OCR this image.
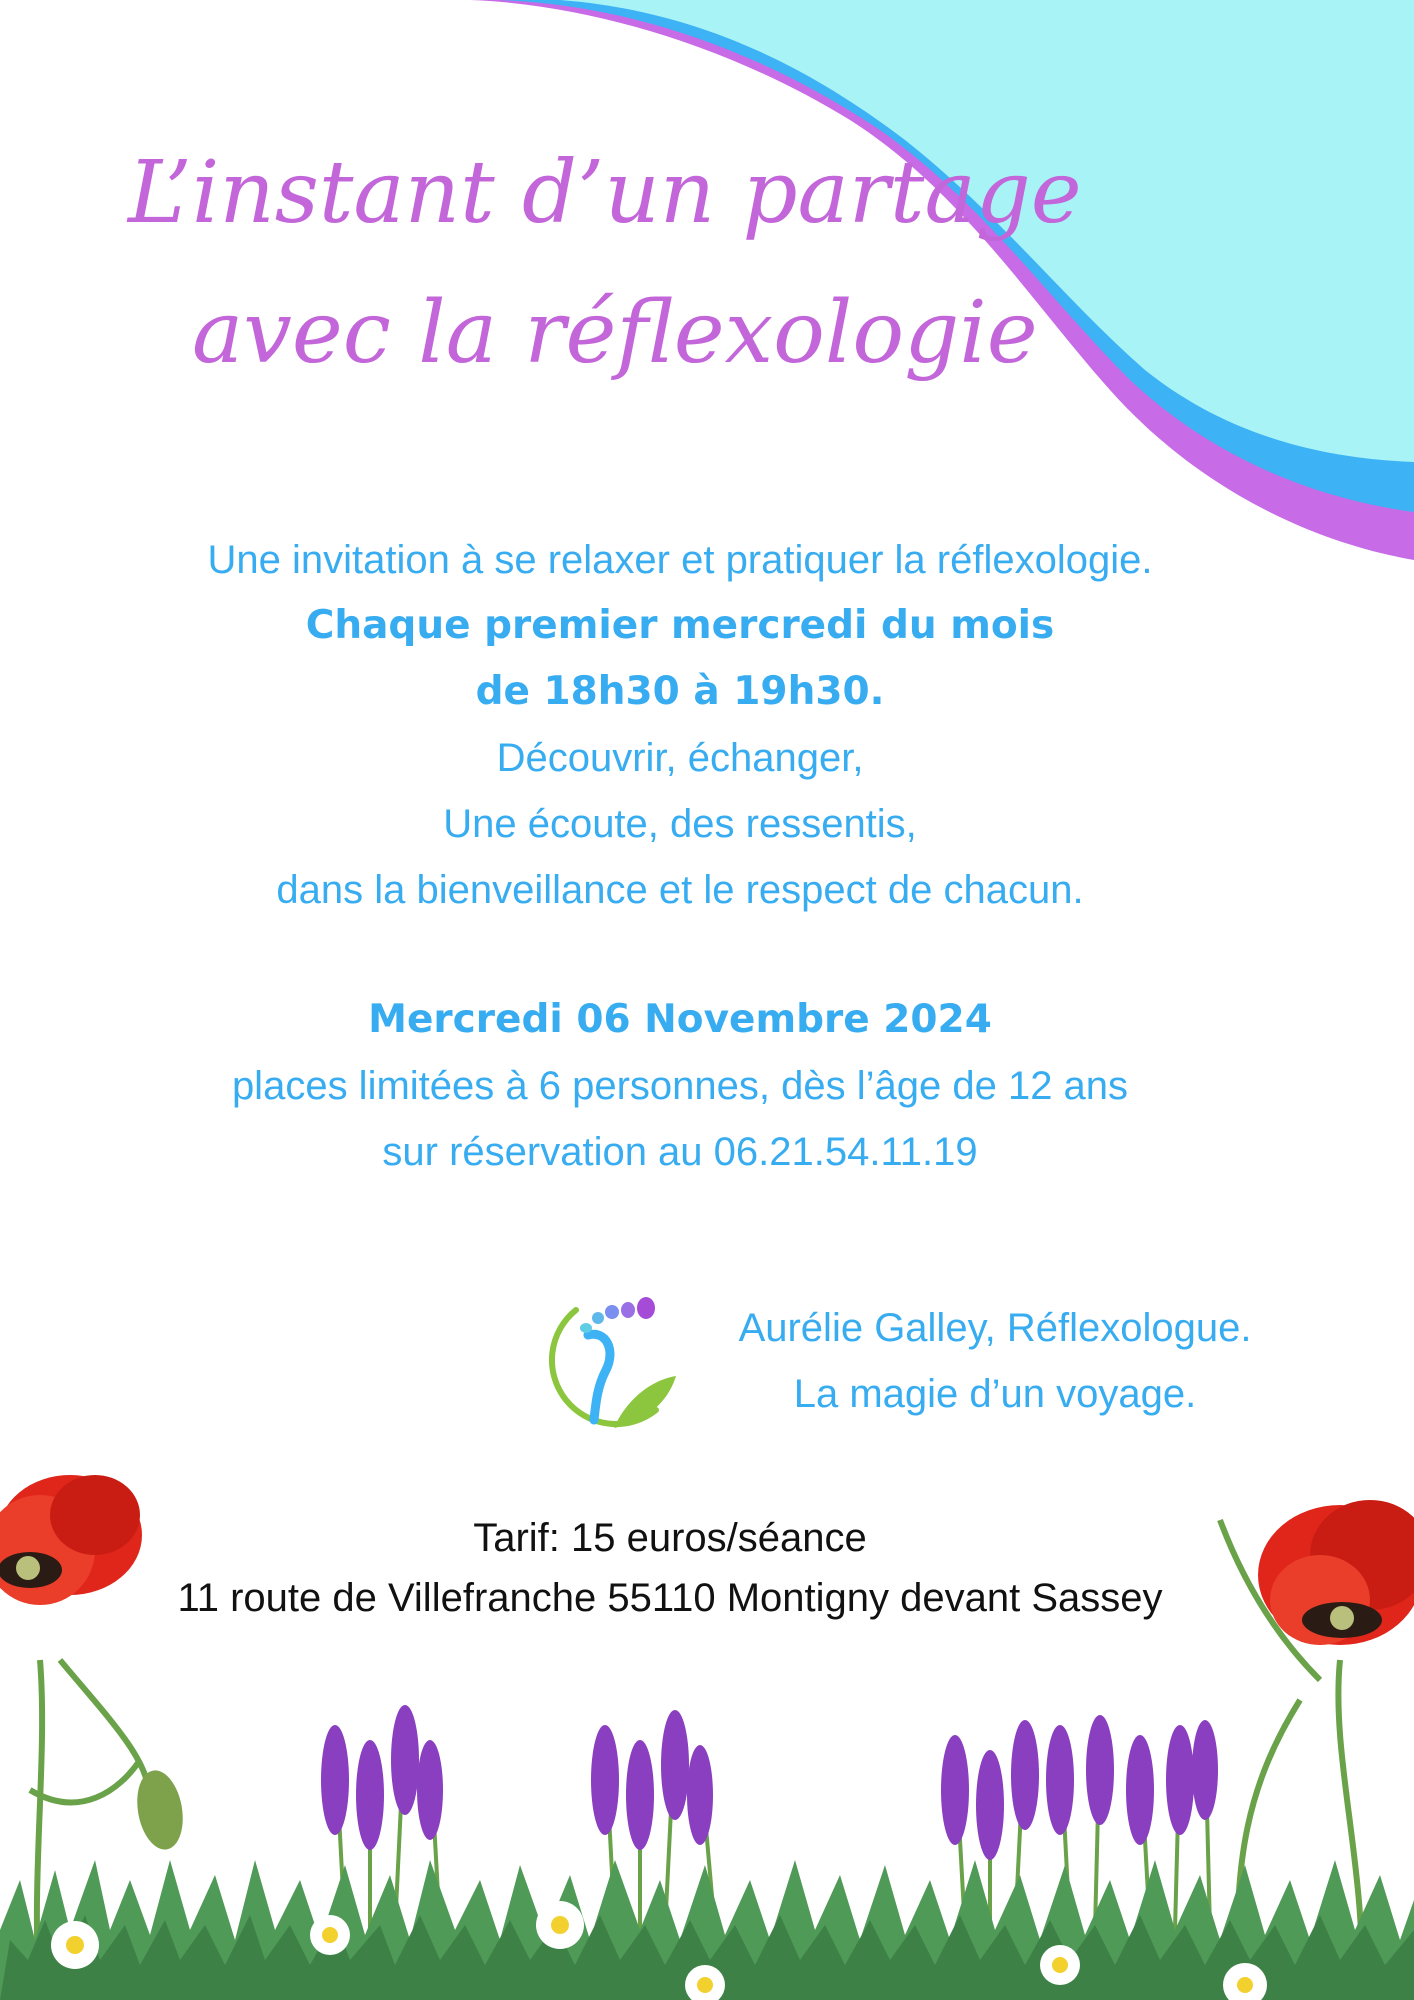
L’instant d’un partage
avec la réflexologie
Une invitation à se relaxer et pratiquer la réflexologie.
Chaque premier mercredi du mois
de 18h30 à 19h30.
Découvrir, échanger,
Une écoute, des ressentis,
dans la bienveillance et le respect de chacun.
Mercredi 06 Novembre 2024
places limitées à 6 personnes, dès l’âge de 12 ans
sur réservation au 06.21.54.11.19
Aurélie Galley, Réflexologue.
La magie d’un voyage.
Tarif: 15 euros/séance
11 route de Villefranche 55110 Montigny devant Sassey
